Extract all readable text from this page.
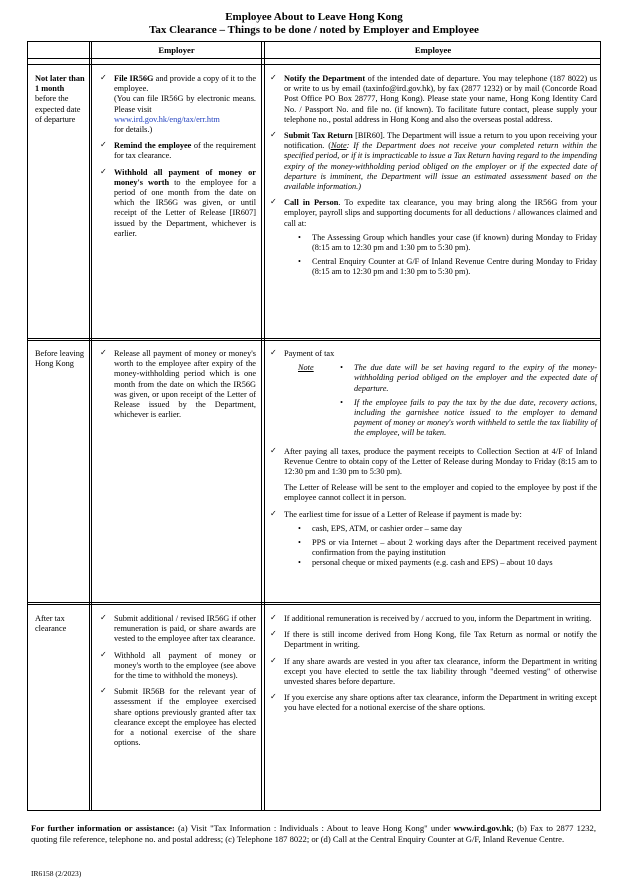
Employee About to Leave Hong Kong
Tax Clearance – Things to be done / noted by Employer and Employee
Employer	Employee
Not later than 1 month before the expected date of departure
✓ File IR56G and provide a copy of it to the employee.
(You can file IR56G by electronic means. Please visit
www.ird.gov.hk/eng/tax/err.htm
for details.)
✓ Remind the employee of the requirement for tax clearance.
✓ Withhold all payment of money or money's worth to the employee for a period of one month from the date on which the IR56G was given, or until receipt of the Letter of Release [IR607] issued by the Department, whichever is earlier.
✓ Notify the Department of the intended date of departure. You may telephone (187 8022) us or write to us by email (taxinfo@ird.gov.hk), by fax (2877 1232) or by mail (Concorde Road Post Office PO Box 28777, Hong Kong). Please state your name, Hong Kong Identity Card No. / Passport No. and file no. (if known). To facilitate future contact, please supply your telephone no., postal address in Hong Kong and also the overseas postal address.
✓ Submit Tax Return [BIR60]. The Department will issue a return to you upon receiving your notification. (Note: If the Department does not receive your completed return within the specified period, or if it is impracticable to issue a Tax Return having regard to the impending expiry of the money-withholding period obliged on the employer or if the expected date of departure is imminent, the Department will issue an estimated assessment based on the available information.)
✓ Call in Person. To expedite tax clearance, you may bring along the IR56G from your employer, payroll slips and supporting documents for all deductions / allowances claimed and call at:
• The Assessing Group which handles your case (if known) during Monday to Friday (8:15 am to 12:30 pm and 1:30 pm to 5:30 pm).
• Central Enquiry Counter at G/F of Inland Revenue Centre during Monday to Friday (8:15 am to 12:30 pm and 1:30 pm to 5:30 pm).
Before leaving Hong Kong
✓ Release all payment of money or money's worth to the employee after expiry of the money-withholding period which is one month from the date on which the IR56G was given, or upon receipt of the Letter of Release issued by the Department, whichever is earlier.
✓ Payment of tax
Note	• The due date will be set having regard to the expiry of the money-withholding period obliged on the employer and the expected date of departure.
• If the employee fails to pay the tax by the due date, recovery actions, including the garnishee notice issued to the employer to demand payment of money or money's worth withheld to settle the tax liability of the employee, will be taken.
✓ After paying all taxes, produce the payment receipts to Collection Section at 4/F of Inland Revenue Centre to obtain copy of the Letter of Release during Monday to Friday (8:15 am to 12:30 pm and 1:30 pm to 5:30 pm).

The Letter of Release will be sent to the employer and copied to the employee by post if the employee cannot collect it in person.

✓ The earliest time for issue of a Letter of Release if payment is made by:
• cash, EPS, ATM, or cashier order – same day
• PPS or via Internet – about 2 working days after the Department received payment confirmation from the paying institution
• personal cheque or mixed payments (e.g. cash and EPS) – about 10 days
After tax clearance
✓ Submit additional / revised IR56G if other remuneration is paid, or share awards are vested to the employee after tax clearance.
✓ Withhold all payment of money or money's worth to the employee (see above for the time to withhold the moneys).
✓ Submit IR56B for the relevant year of assessment if the employee exercised share options previously granted after tax clearance except the employee has elected for a notional exercise of the share options.
✓ If additional remuneration is received by / accrued to you, inform the Department in writing.
✓ If there is still income derived from Hong Kong, file Tax Return as normal or notify the Department in writing.
✓ If any share awards are vested in you after tax clearance, inform the Department in writing except you have elected to settle the tax liability through "deemed vesting" of otherwise unvested shares before departure.
✓ If you exercise any share options after tax clearance, inform the Department in writing except you have elected for a notional exercise of the share options.
For further information or assistance: (a) Visit "Tax Information : Individuals : About to leave Hong Kong" under www.ird.gov.hk; (b) Fax to 2877 1232, quoting file reference, telephone no. and postal address; (c) Telephone 187 8022; or (d) Call at the Central Enquiry Counter at G/F, Inland Revenue Centre.
IR6158 (2/2023)
